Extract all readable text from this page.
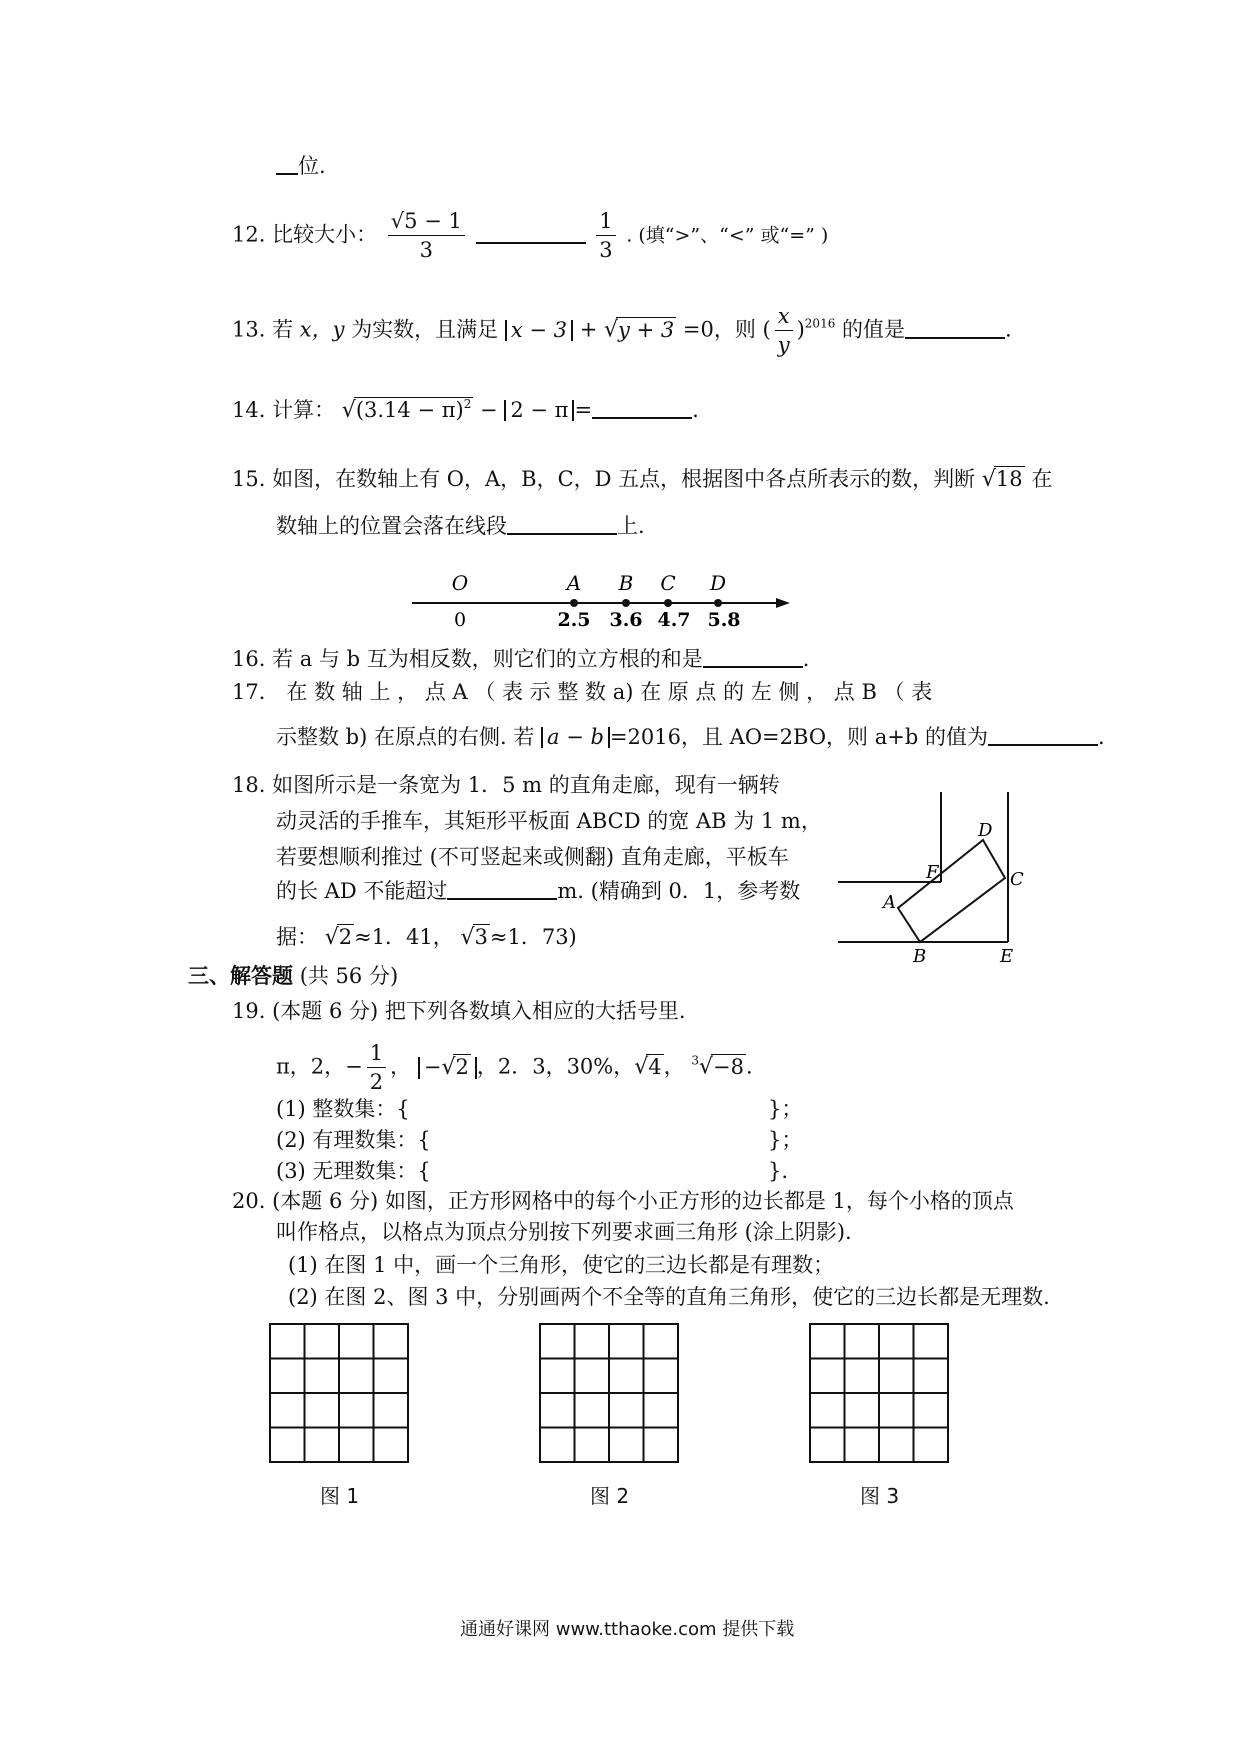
位.
12. 比较大小： $\frac{√5 - 1}{3}$
	$\frac{1}{3}$ . (填“>”、“<” 或“=” )
13. 若 x，y 为实数，且满足 x − 3 + √y + 3 =0，则 ( $\frac{x}{y} )^{2016}$ 的值是	.
14. 计算： $√(3.14 - \pi)^2 - 2 - \pi$ =	.
15. 如图，在数轴上有 O，A，B，C，D 五点，根据图中各点所表示的数，判断 √18 在
数轴上的位置会落在线段	上.
O	A B C D
0	2.5 3.6 4.7 5.8
16. 若 a 与 b 互为相反数，则它们的立方根的和是	.
17． 在 数 轴 上 ， 点 A （ 表 示 整 数 a) 在 原 点 的 左 侧 ， 点 B （ 表
示整数 b) 在原点的右侧. 若 a − b =2016，且 AO=2BO，则 a+b 的值为	.
18. 如图所示是一条宽为 1．5 m 的直角走廊，现有一辆转
动灵活的手推车，其矩形平板面 ABCD 的宽 AB 为 1 m，
若要想顺利推过 (不可竖起来或侧翻) 直角走廊，平板车
的长 AD 不能超过	m. (精确到 0．1，参考数
据： √2≈1．41， √3≈1．73)
A
B
C
D
E
F
三、解答题 (共 56 分)
19. (本题 6 分) 把下列各数填入相应的大括号里.
π，2，− $\frac{1}{2}$ ， −√2 ，2．3，30%，√4， $^3$√−8.
(1) 整数集：{	}；
(2) 有理数集：{	}；
(3) 无理数集：{	}.
20. (本题 6 分) 如图，正方形网格中的每个小正方形的边长都是 1，每个小格的顶点
叫作格点，以格点为顶点分别按下列要求画三角形 (涂上阴影).
(1) 在图 1 中，画一个三角形，使它的三边长都是有理数；
(2) 在图 2、图 3 中，分别画两个不全等的直角三角形，使它的三边长都是无理数.
图 1	图 2	图 3
通通好课网 www.tthaoke.com 提供下载
